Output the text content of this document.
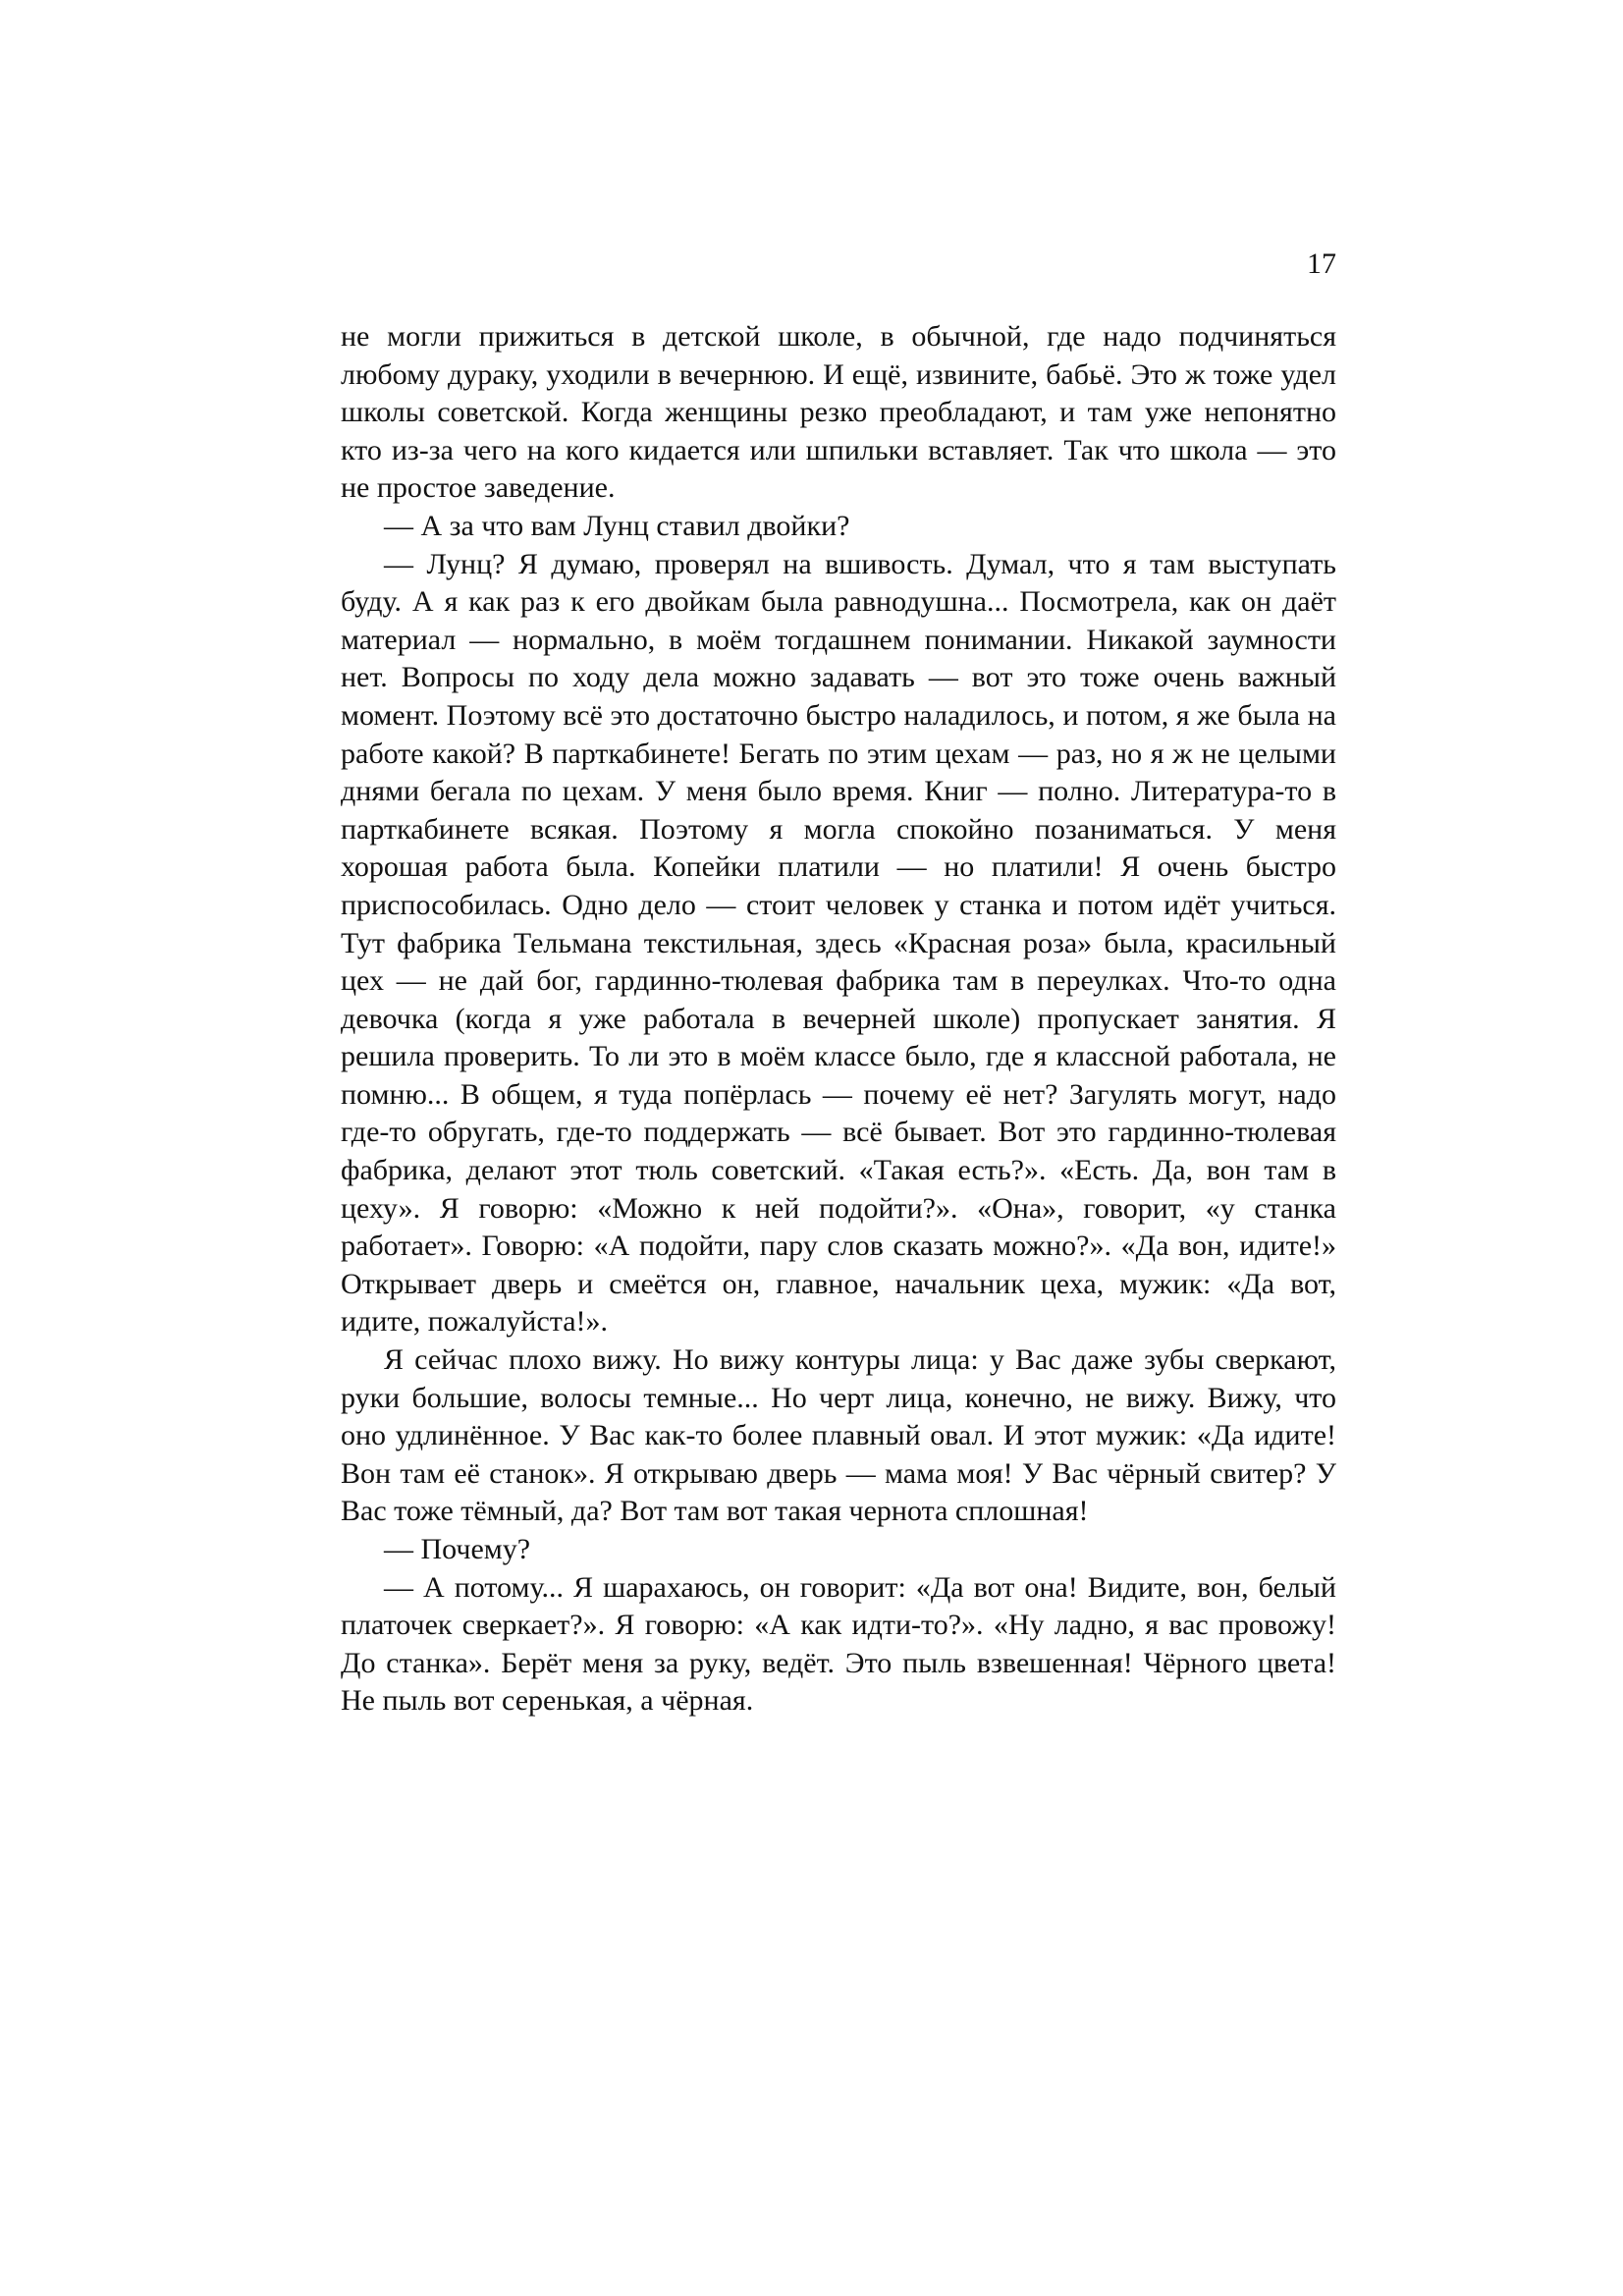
17

не могли прижиться в детской школе, в обычной, где надо подчиняться любому дураку, уходили в вечернюю. И ещё, извините, бабьё. Это ж тоже удел школы советской. Когда женщины резко преобладают, и там уже непонятно кто из-за чего на кого кидается или шпильки вставляет. Так что школа — это не простое заведение.

— А за что вам Лунц ставил двойки?

— Лунц? Я думаю, проверял на вшивость. Думал, что я там выступать буду. А я как раз к его двойкам была равнодушна... Посмотрела, как он даёт материал — нормально, в моём тогдашнем понимании. Никакой заумности нет. Вопросы по ходу дела можно задавать — вот это тоже очень важный момент. Поэтому всё это достаточно быстро наладилось, и потом, я же была на работе какой? В парткабинете! Бегать по этим цехам — раз, но я ж не целыми днями бегала по цехам. У меня было время. Книг — полно. Литература-то в парткабинете всякая. Поэтому я могла спокойно позаниматься. У меня хорошая работа была. Копейки платили — но платили! Я очень быстро приспособилась. Одно дело — стоит человек у станка и потом идёт учиться. Тут фабрика Тельмана текстильная, здесь «Красная роза» была, красильный цех — не дай бог, гардинно-тюлевая фабрика там в переулках. Что-то одна девочка (когда я уже работала в вечерней школе) пропускает занятия. Я решила проверить. То ли это в моём классе было, где я классной работала, не помню... В общем, я туда попёрлась — почему её нет? Загулять могут, надо где-то обругать, где-то поддержать — всё бывает. Вот это гардинно-тюлевая фабрика, делают этот тюль советский. «Такая есть?». «Есть. Да, вон там в цеху». Я говорю: «Можно к ней подойти?». «Она», говорит, «у станка работает». Говорю: «А подойти, пару слов сказать можно?». «Да вон, идите!» Открывает дверь и смеётся он, главное, начальник цеха, мужик: «Да вот, идите, пожалуйста!».

Я сейчас плохо вижу. Но вижу контуры лица: у Вас даже зубы сверкают, руки большие, волосы темные... Но черт лица, конечно, не вижу. Вижу, что оно удлинённое. У Вас как-то более плавный овал. И этот мужик: «Да идите! Вон там её станок». Я открываю дверь — мама моя! У Вас чёрный свитер? У Вас тоже тёмный, да? Вот там вот такая чернота сплошная!

— Почему?

— А потому... Я шарахаюсь, он говорит: «Да вот она! Видите, вон, белый платочек сверкает?». Я говорю: «А как идти-то?». «Ну ладно, я вас провожу! До станка». Берёт меня за руку, ведёт. Это пыль взвешенная! Чёрного цвета! Не пыль вот серенькая, а чёрная.
